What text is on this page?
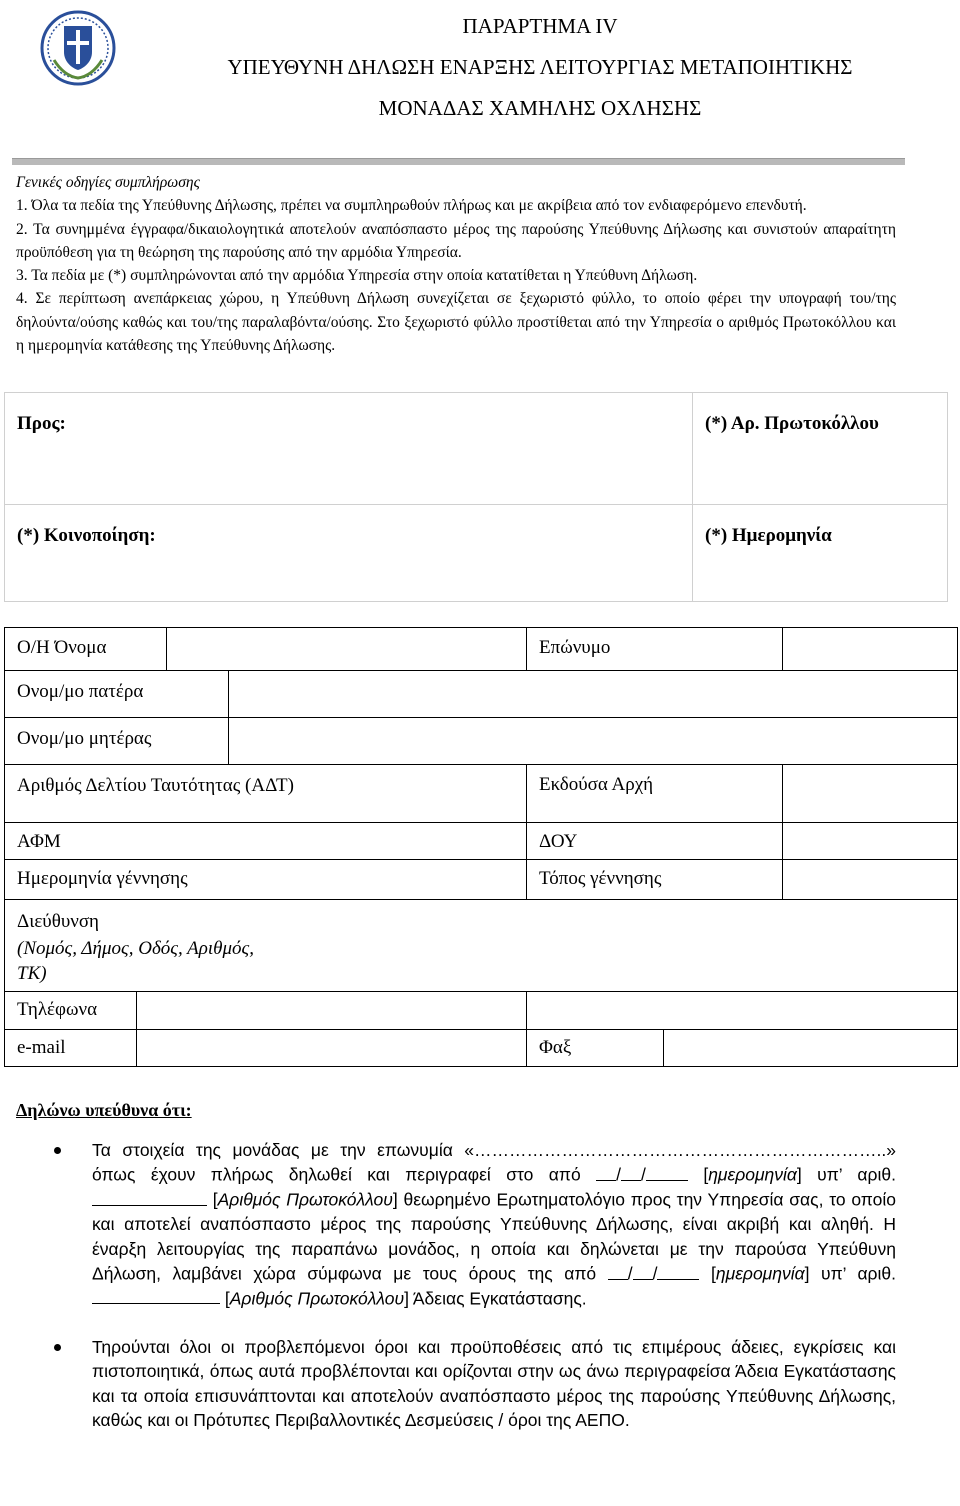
ΠΑΡΑΡΤΗΜΑ IV
ΥΠΕΥΘΥΝΗ ΔΗΛΩΣΗ ΕΝΑΡΞΗΣ ΛΕΙΤΟΥΡΓΙΑΣ ΜΕΤΑΠΟΙΗΤΙΚΗΣ
ΜΟΝΑΔΑΣ ΧΑΜΗΛΗΣ ΟΧΛΗΣΗΣ

Γενικές οδηγίες συμπλήρωσης

1. Όλα τα πεδία της Υπεύθυνης Δήλωσης, πρέπει να συμπληρωθούν πλήρως και με ακρίβεια από τον ενδιαφερόμενο επενδυτή.

2. Τα συνημμένα έγγραφα/δικαιολογητικά αποτελούν αναπόσπαστο μέρος της παρούσης Υπεύθυνης Δήλωσης και συνιστούν απαραίτητη προϋπόθεση για τη θεώρηση της παρούσης από την αρμόδια Υπηρεσία.

3. Τα πεδία με (*) συμπληρώνονται από την αρμόδια Υπηρεσία στην οποία κατατίθεται η Υπεύθυνη Δήλωση.

4. Σε περίπτωση ανεπάρκειας χώρου, η Υπεύθυνη Δήλωση συνεχίζεται σε ξεχωριστό φύλλο, το οποίο φέρει την υπογραφή του/της δηλούντα/ούσης καθώς και του/της παραλαβόντα/ούσης. Στο ξεχωριστό φύλλο προστίθεται από την Υπηρεσία ο αριθμός Πρωτοκόλλου και η ημερομηνία κατάθεσης της Υπεύθυνης Δήλωσης.

Προς:	(*) Αρ. Πρωτοκόλλου
(*) Κοινοποίηση:	(*) Ημερομηνία
Ο/Η Όνομα				Επώνυμο		
Ονομ/μο πατέρα						
Ονομ/μο μητέρας						
Αριθμός Δελτίου Ταυτότητας (ΑΔΤ)				Εκδούσα Αρχή		
ΑΦΜ				ΔΟΥ		
Ημερομηνία γέννησης				Τόπος γέννησης		

Διεύθυνση
(Νομός, Δήμος, Οδός, Αριθμός, ΤΚ)						

Τηλέφωνα						
e-mail				Φαξ		
Δηλώνω υπεύθυνα ότι:
Τα στοιχεία της μονάδας με την επωνυμία «……………………………………………………………..» όπως έχουν πλήρως δηλωθεί και περιγραφεί στο από / /	[ημερομηνία] υπ’ αριθ.  [Αριθμός Πρωτοκόλλου] θεωρημένο Ερωτηματολόγιο προς την Υπηρεσία σας, το οποίο και αποτελεί αναπόσπαστο μέρος της παρούσης Υπεύθυνης Δήλωσης, είναι ακριβή και αληθή. Η έναρξη λειτουργίας της παραπάνω μονάδος, η οποία και δηλώνεται με την παρούσα Υπεύθυνη Δήλωση, λαμβάνει χώρα σύμφωνα με τους όρους της από / /	[ημερομηνία] υπ’ αριθ.  [Αριθμός Πρωτοκόλλου] Άδειας Εγκατάστασης.
Τηρούνται όλοι οι προβλεπόμενοι όροι και προϋποθέσεις από τις επιμέρους άδειες, εγκρίσεις και πιστοποιητικά, όπως αυτά προβλέπονται και ορίζονται στην ως άνω περιγραφείσα Άδεια Εγκατάστασης και τα οποία επισυνάπτονται και αποτελούν αναπόσπαστο μέρος της παρούσης Υπεύθυνης Δήλωσης, καθώς και οι Πρότυπες Περιβαλλοντικές Δεσμεύσεις / όροι της ΑΕΠΟ.
